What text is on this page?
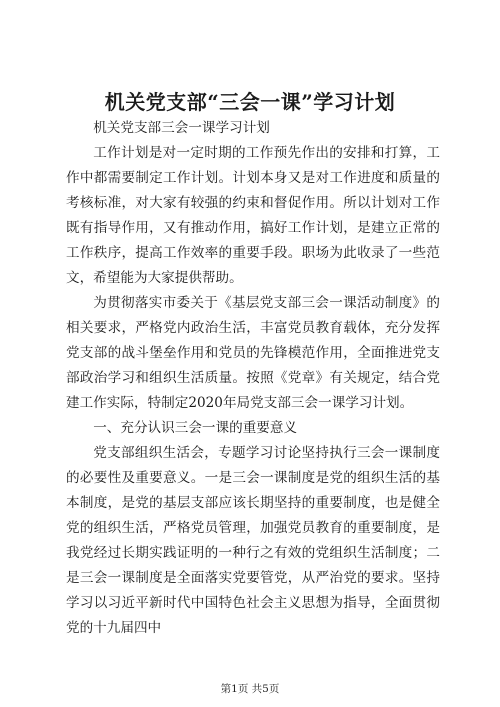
机关党支部“三会一课”学习计划

机关党支部三会一课学习计划

工作计划是对一定时期的工作预先作出的安排和打算，工作中都需要制定工作计划。计划本身又是对工作进度和质量的考核标准，对大家有较强的约束和督促作用。所以计划对工作既有指导作用，又有推动作用，搞好工作计划，是建立正常的工作秩序，提高工作效率的重要手段。职场为此收录了一些范文，希望能为大家提供帮助。

为贯彻落实市委关于《基层党支部三会一课活动制度》的相关要求，严格党内政治生活，丰富党员教育载体，充分发挥党支部的战斗堡垒作用和党员的先锋模范作用，全面推进党支部政治学习和组织生活质量。按照《党章》有关规定，结合党建工作实际，特制定2020年局党支部三会一课学习计划。

一、充分认识三会一课的重要意义

党支部组织生活会，专题学习讨论坚持执行三会一课制度的必要性及重要意义。一是三会一课制度是党的组织生活的基本制度，是党的基层支部应该长期坚持的重要制度，也是健全党的组织生活，严格党员管理，加强党员教育的重要制度，是我党经过长期实践证明的一种行之有效的党组织生活制度；二是三会一课制度是全面落实党要管党，从严治党的要求。坚持学习以习近平新时代中国特色社会主义思想为指导，全面贯彻党的十九届四中

第1页 共5页
